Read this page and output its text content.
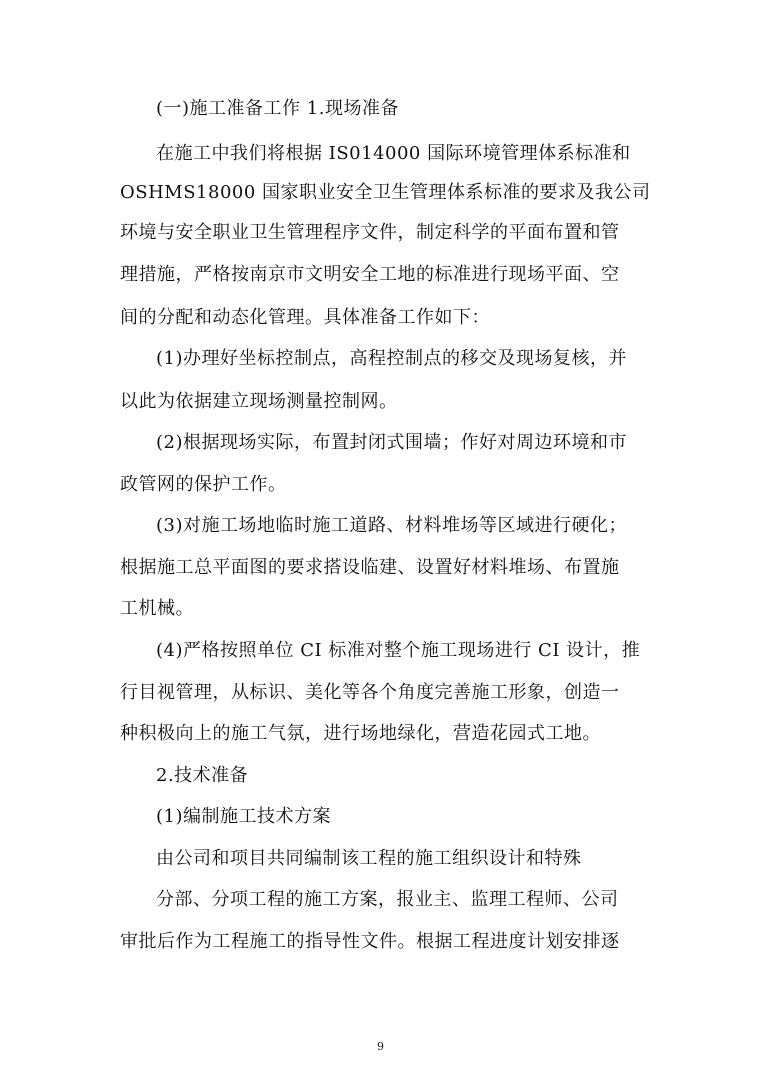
(一)施工准备工作 1.现场准备
在施工中我们将根据 IS014000 国际环境管理体系标准和
OSHMS18000 国家职业安全卫生管理体系标准的要求及我公司
环境与安全职业卫生管理程序文件，制定科学的平面布置和管
理措施，严格按南京市文明安全工地的标准进行现场平面、空
间的分配和动态化管理。具体准备工作如下：
(1)办理好坐标控制点，高程控制点的移交及现场复核，并
以此为依据建立现场测量控制网。
(2)根据现场实际，布置封闭式围墙；作好对周边环境和市
政管网的保护工作。
(3)对施工场地临时施工道路、材料堆场等区域进行硬化；
根据施工总平面图的要求搭设临建、设置好材料堆场、布置施
工机械。
(4)严格按照单位 CI 标准对整个施工现场进行 CI 设计，推
行目视管理，从标识、美化等各个角度完善施工形象，创造一
种积极向上的施工气氛，进行场地绿化，营造花园式工地。
2.技术准备
(1)编制施工技术方案
由公司和项目共同编制该工程的施工组织设计和特殊
分部、分项工程的施工方案，报业主、监理工程师、公司
审批后作为工程施工的指导性文件。根据工程进度计划安排逐
9
